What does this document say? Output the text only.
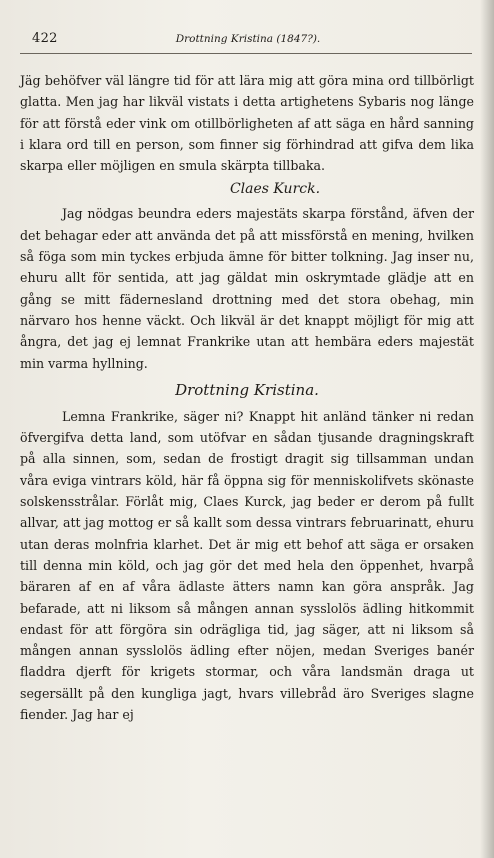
422	Drottning Kristina (1847?).

Jäg behöfver väl längre tid för att lära mig att göra mina ord tillbörligt glatta. Men jag har likväl vistats i detta artighetens Sybaris nog länge för att förstå eder vink om otillbörligheten af att säga en hård sanning i klara ord till en person, som finner sig förhindrad att gifva dem lika skarpa eller möjligen en smula skärpta tillbaka.

Claes Kurck.

Jag nödgas beundra eders majestäts skarpa förstånd, äfven der det behagar eder att använda det på att missförstå en mening, hvilken så föga som min tyckes erbjuda ämne för bitter tolkning. Jag inser nu, ehuru allt för sentida, att jag gäldat min oskrymtade glädje att en gång se mitt fädernesland drottning med det stora obehag, min närvaro hos henne väckt. Och likväl är det knappt möjligt för mig att ångra, det jag ej lemnat Frankrike utan att hembära eders majestät min varma hyllning.

Drottning Kristina.

Lemna Frankrike, säger ni? Knappt hit anländ tänker ni redan öfvergifva detta land, som utöfvar en sådan tjusande dragningskraft på alla sinnen, som, sedan de frostigt dragit sig tillsamman undan våra eviga vintrars köld, här få öppna sig för menniskolifvets skönaste solskensstrålar. Förlåt mig, Claes Kurck, jag beder er derom på fullt allvar, att jag mottog er så kallt som dessa vintrars februarinatt, ehuru utan deras molnfria klarhet. Det är mig ett behof att säga er orsaken till denna min köld, och jag gör det med hela den öppenhet, hvarpå bäraren af en af våra ädlaste ätters namn kan göra anspråk. Jag befarade, att ni liksom så mången annan sysslolös ädling hitkommit endast för att förgöra sin odrägliga tid, jag säger, att ni liksom så mången annan sysslolös ädling efter nöjen, medan Sveriges banér fladdra djerft för krigets stormar, och våra landsmän draga ut segersällt på den kungliga jagt, hvars villebråd äro Sveriges slagne fiender. Jag har ej
